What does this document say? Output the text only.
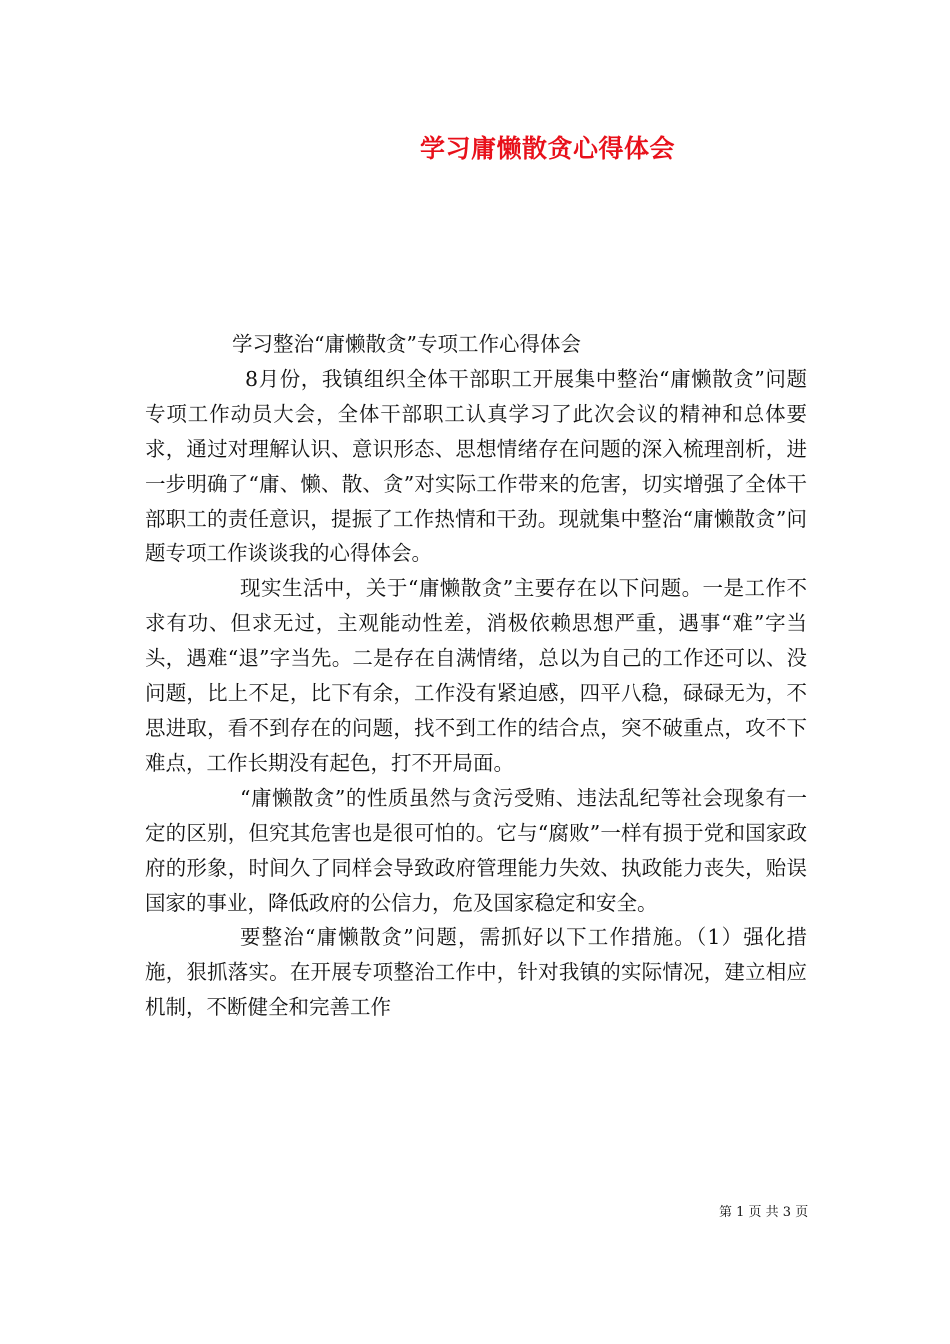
学习庸懒散贪心得体会

学习整治“庸懒散贪”专项工作心得体会

8月份，我镇组织全体干部职工开展集中整治“庸懒散贪”问题专项工作动员大会，全体干部职工认真学习了此次会议的精神和总体要求，通过对理解认识、意识形态、思想情绪存在问题的深入梳理剖析，进一步明确了“庸、懒、散、贪”对实际工作带来的危害，切实增强了全体干部职工的责任意识，提振了工作热情和干劲。现就集中整治“庸懒散贪”问题专项工作谈谈我的心得体会。

现实生活中，关于“庸懒散贪”主要存在以下问题。一是工作不求有功、但求无过，主观能动性差，消极依赖思想严重，遇事“难”字当头，遇难“退”字当先。二是存在自满情绪，总以为自己的工作还可以、没问题，比上不足，比下有余，工作没有紧迫感，四平八稳，碌碌无为，不思进取，看不到存在的问题，找不到工作的结合点，突不破重点，攻不下难点，工作长期没有起色，打不开局面。

“庸懒散贪”的性质虽然与贪污受贿、违法乱纪等社会现象有一定的区别，但究其危害也是很可怕的。它与“腐败”一样有损于党和国家政府的形象，时间久了同样会导致政府管理能力失效、执政能力丧失，贻误国家的事业，降低政府的公信力，危及国家稳定和安全。

要整治“庸懒散贪”问题，需抓好以下工作措施。（1）强化措施，狠抓落实。在开展专项整治工作中，针对我镇的实际情况，建立相应机制，不断健全和完善工作

第 1 页 共 3 页
